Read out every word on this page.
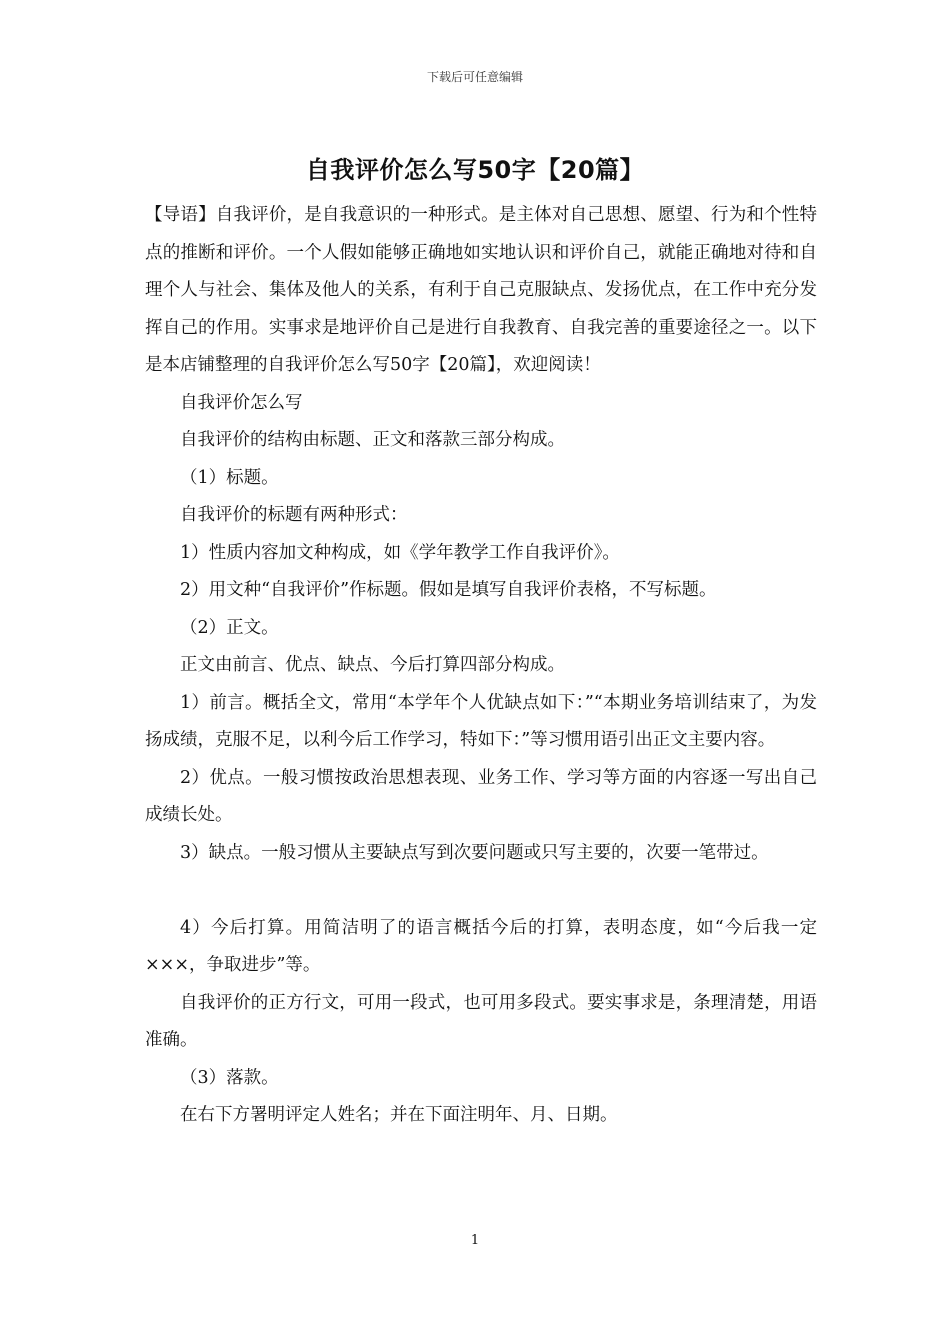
下载后可任意编辑
自我评价怎么写50字【20篇】

【导语】自我评价，是自我意识的一种形式。是主体对自己思想、愿望、行为和个性特点的推断和评价。一个人假如能够正确地如实地认识和评价自己，就能正确地对待和自理个人与社会、集体及他人的关系，有利于自己克服缺点、发扬优点，在工作中充分发挥自己的作用。实事求是地评价自己是进行自我教育、自我完善的重要途径之一。以下是本店铺整理的自我评价怎么写50字【20篇】，欢迎阅读！

自我评价怎么写

自我评价的结构由标题、正文和落款三部分构成。

（1）标题。

自我评价的标题有两种形式：

1）性质内容加文种构成，如《学年教学工作自我评价》。

2）用文种“自我评价”作标题。假如是填写自我评价表格，不写标题。

（2）正文。

正文由前言、优点、缺点、今后打算四部分构成。

1）前言。概括全文，常用“本学年个人优缺点如下：”“本期业务培训结束了，为发扬成绩，克服不足，以利今后工作学习，特如下：”等习惯用语引出正文主要内容。

2）优点。一般习惯按政治思想表现、业务工作、学习等方面的内容逐一写出自己成绩长处。

3）缺点。一般习惯从主要缺点写到次要问题或只写主要的，次要一笔带过。

4）今后打算。用简洁明了的语言概括今后的打算，表明态度，如“今后我一定×××，争取进步”等。

自我评价的正方行文，可用一段式，也可用多段式。要实事求是，条理清楚，用语准确。

（3）落款。

在右下方署明评定人姓名；并在下面注明年、月、日期。

1
